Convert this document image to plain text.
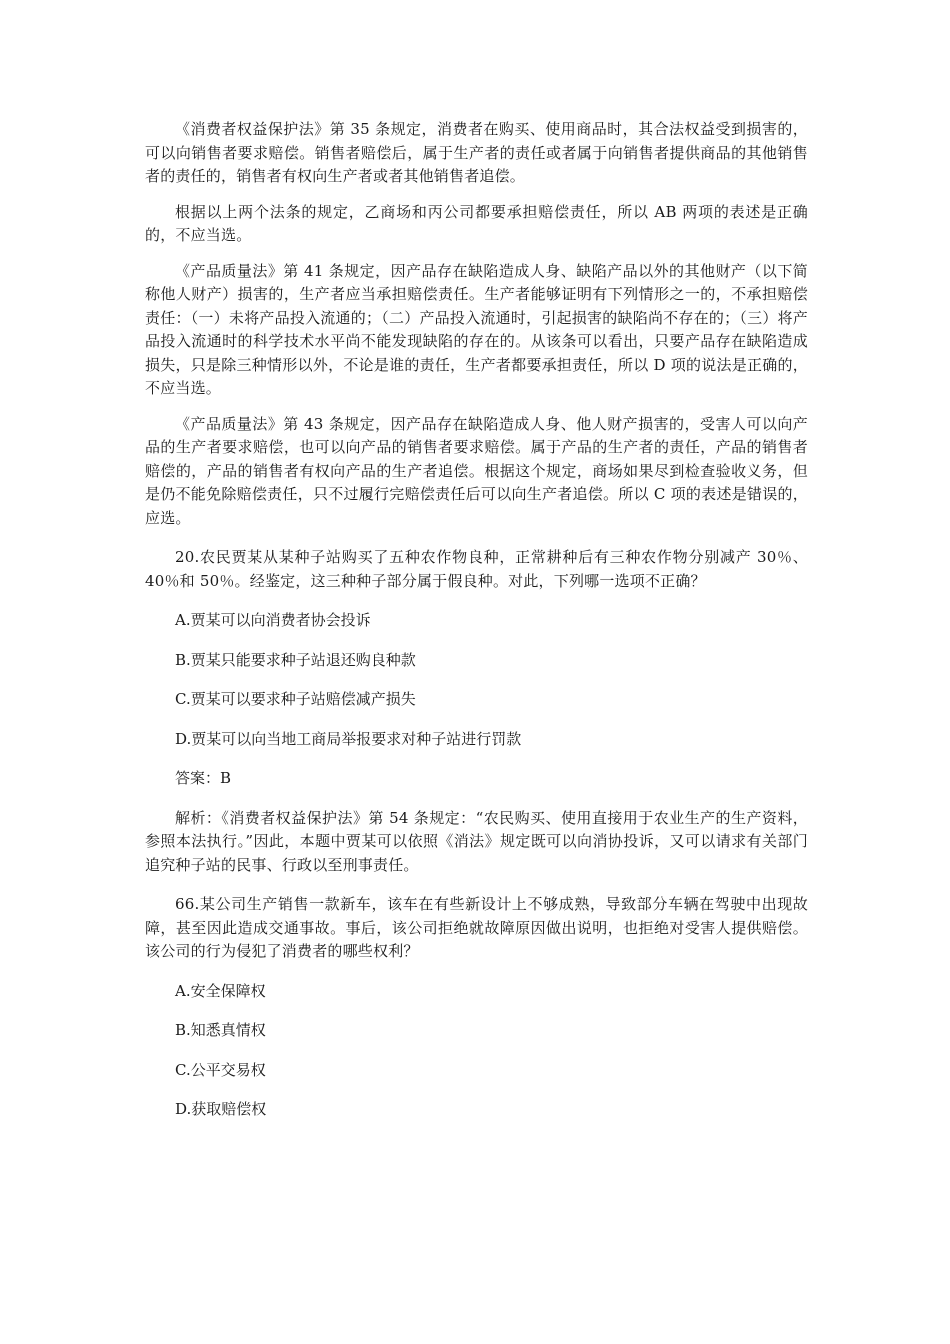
《消费者权益保护法》第 35 条规定，消费者在购买、使用商品时，其合法权益受到损害的，可以向销售者要求赔偿。销售者赔偿后，属于生产者的责任或者属于向销售者提供商品的其他销售者的责任的，销售者有权向生产者或者其他销售者追偿。

根据以上两个法条的规定，乙商场和丙公司都要承担赔偿责任，所以 AB 两项的表述是正确的，不应当选。

《产品质量法》第 41 条规定，因产品存在缺陷造成人身、缺陷产品以外的其他财产（以下简称他人财产）损害的，生产者应当承担赔偿责任。生产者能够证明有下列情形之一的，不承担赔偿责任：（一）未将产品投入流通的；（二）产品投入流通时，引起损害的缺陷尚不存在的；（三）将产品投入流通时的科学技术水平尚不能发现缺陷的存在的。从该条可以看出，只要产品存在缺陷造成损失，只是除三种情形以外，不论是谁的责任，生产者都要承担责任，所以 D 项的说法是正确的，不应当选。

《产品质量法》第 43 条规定，因产品存在缺陷造成人身、他人财产损害的，受害人可以向产品的生产者要求赔偿，也可以向产品的销售者要求赔偿。属于产品的生产者的责任，产品的销售者赔偿的，产品的销售者有权向产品的生产者追偿。根据这个规定，商场如果尽到检查验收义务，但是仍不能免除赔偿责任，只不过履行完赔偿责任后可以向生产者追偿。所以 C 项的表述是错误的，应选。

20.农民贾某从某种子站购买了五种农作物良种，正常耕种后有三种农作物分别减产 30％、40％和 50％。经鉴定，这三种种子部分属于假良种。对此，下列哪一选项不正确？

A.贾某可以向消费者协会投诉
B.贾某只能要求种子站退还购良种款
C.贾某可以要求种子站赔偿减产损失
D.贾某可以向当地工商局举报要求对种子站进行罚款
答案：B

解析：《消费者权益保护法》第 54 条规定：“农民购买、使用直接用于农业生产的生产资料，参照本法执行。”因此，本题中贾某可以依照《消法》规定既可以向消协投诉，又可以请求有关部门追究种子站的民事、行政以至刑事责任。

66.某公司生产销售一款新车，该车在有些新设计上不够成熟，导致部分车辆在驾驶中出现故障，甚至因此造成交通事故。事后，该公司拒绝就故障原因做出说明，也拒绝对受害人提供赔偿。该公司的行为侵犯了消费者的哪些权利？

A.安全保障权
B.知悉真情权
C.公平交易权
D.获取赔偿权
